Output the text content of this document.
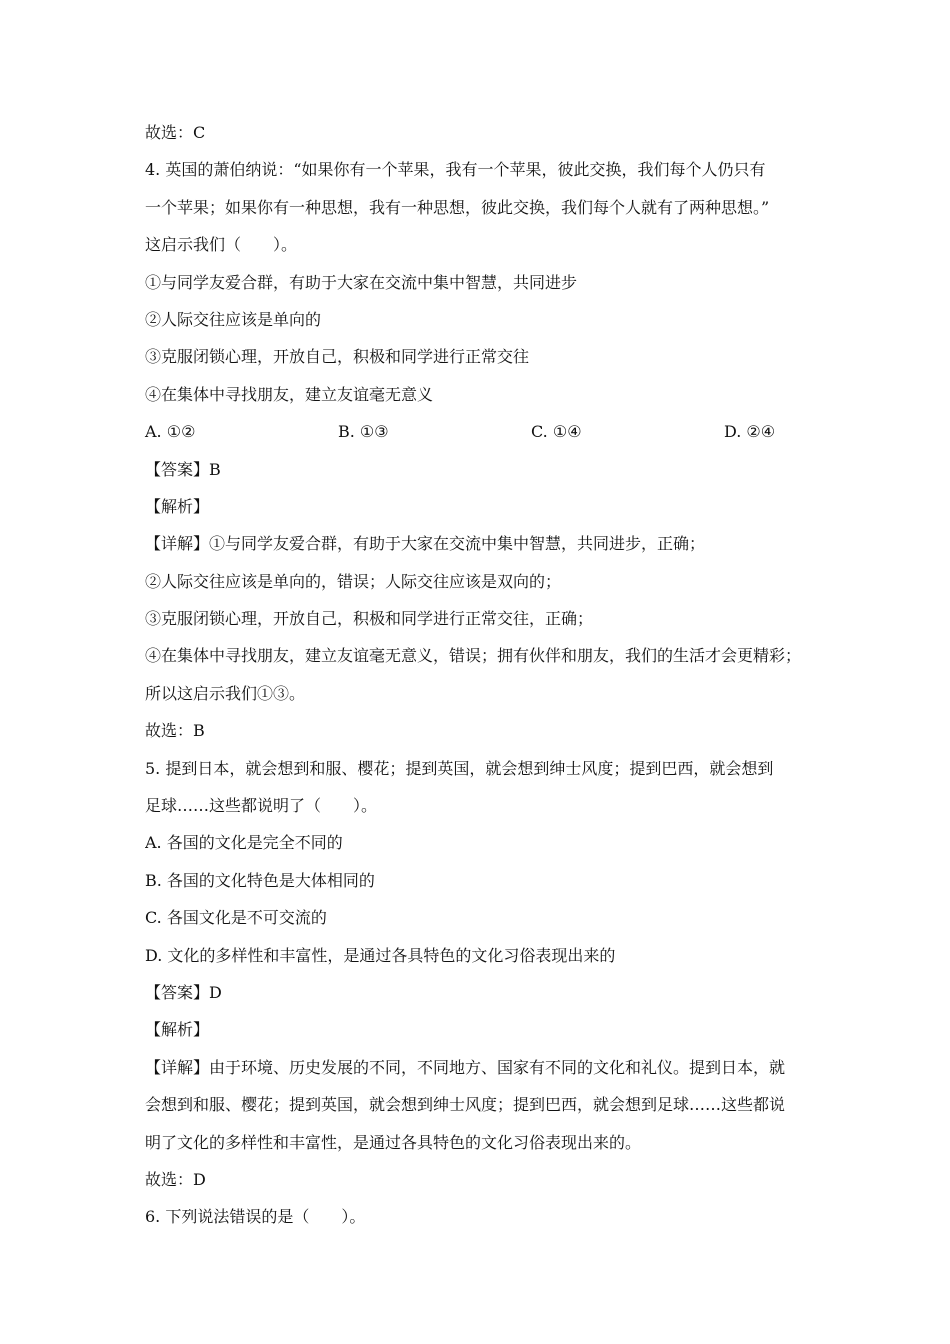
故选：C
4. 英国的萧伯纳说：“如果你有一个苹果，我有一个苹果，彼此交换，我们每个人仍只有
一个苹果；如果你有一种思想，我有一种思想，彼此交换，我们每个人就有了两种思想。”
这启示我们（　　）。
①与同学友爱合群，有助于大家在交流中集中智慧，共同进步
②人际交往应该是单向的
③克服闭锁心理，开放自己，积极和同学进行正常交往
④在集体中寻找朋友，建立友谊毫无意义
A. ①②	B. ①③	C. ①④	D. ②④
【答案】B
【解析】
【详解】①与同学友爱合群，有助于大家在交流中集中智慧，共同进步，正确；
②人际交往应该是单向的，错误；人际交往应该是双向的；
③克服闭锁心理，开放自己，积极和同学进行正常交往，正确；
④在集体中寻找朋友，建立友谊毫无意义，错误；拥有伙伴和朋友，我们的生活才会更精彩；
所以这启示我们①③。
故选：B
5. 提到日本，就会想到和服、樱花；提到英国，就会想到绅士风度；提到巴西，就会想到
足球……这些都说明了（　　）。
A. 各国的文化是完全不同的
B. 各国的文化特色是大体相同的
C. 各国文化是不可交流的
D. 文化的多样性和丰富性，是通过各具特色的文化习俗表现出来的
【答案】D
【解析】
【详解】由于环境、历史发展的不同，不同地方、国家有不同的文化和礼仪。提到日本，就
会想到和服、樱花；提到英国，就会想到绅士风度；提到巴西，就会想到足球……这些都说
明了文化的多样性和丰富性，是通过各具特色的文化习俗表现出来的。
故选：D
6. 下列说法错误的是（　　）。
